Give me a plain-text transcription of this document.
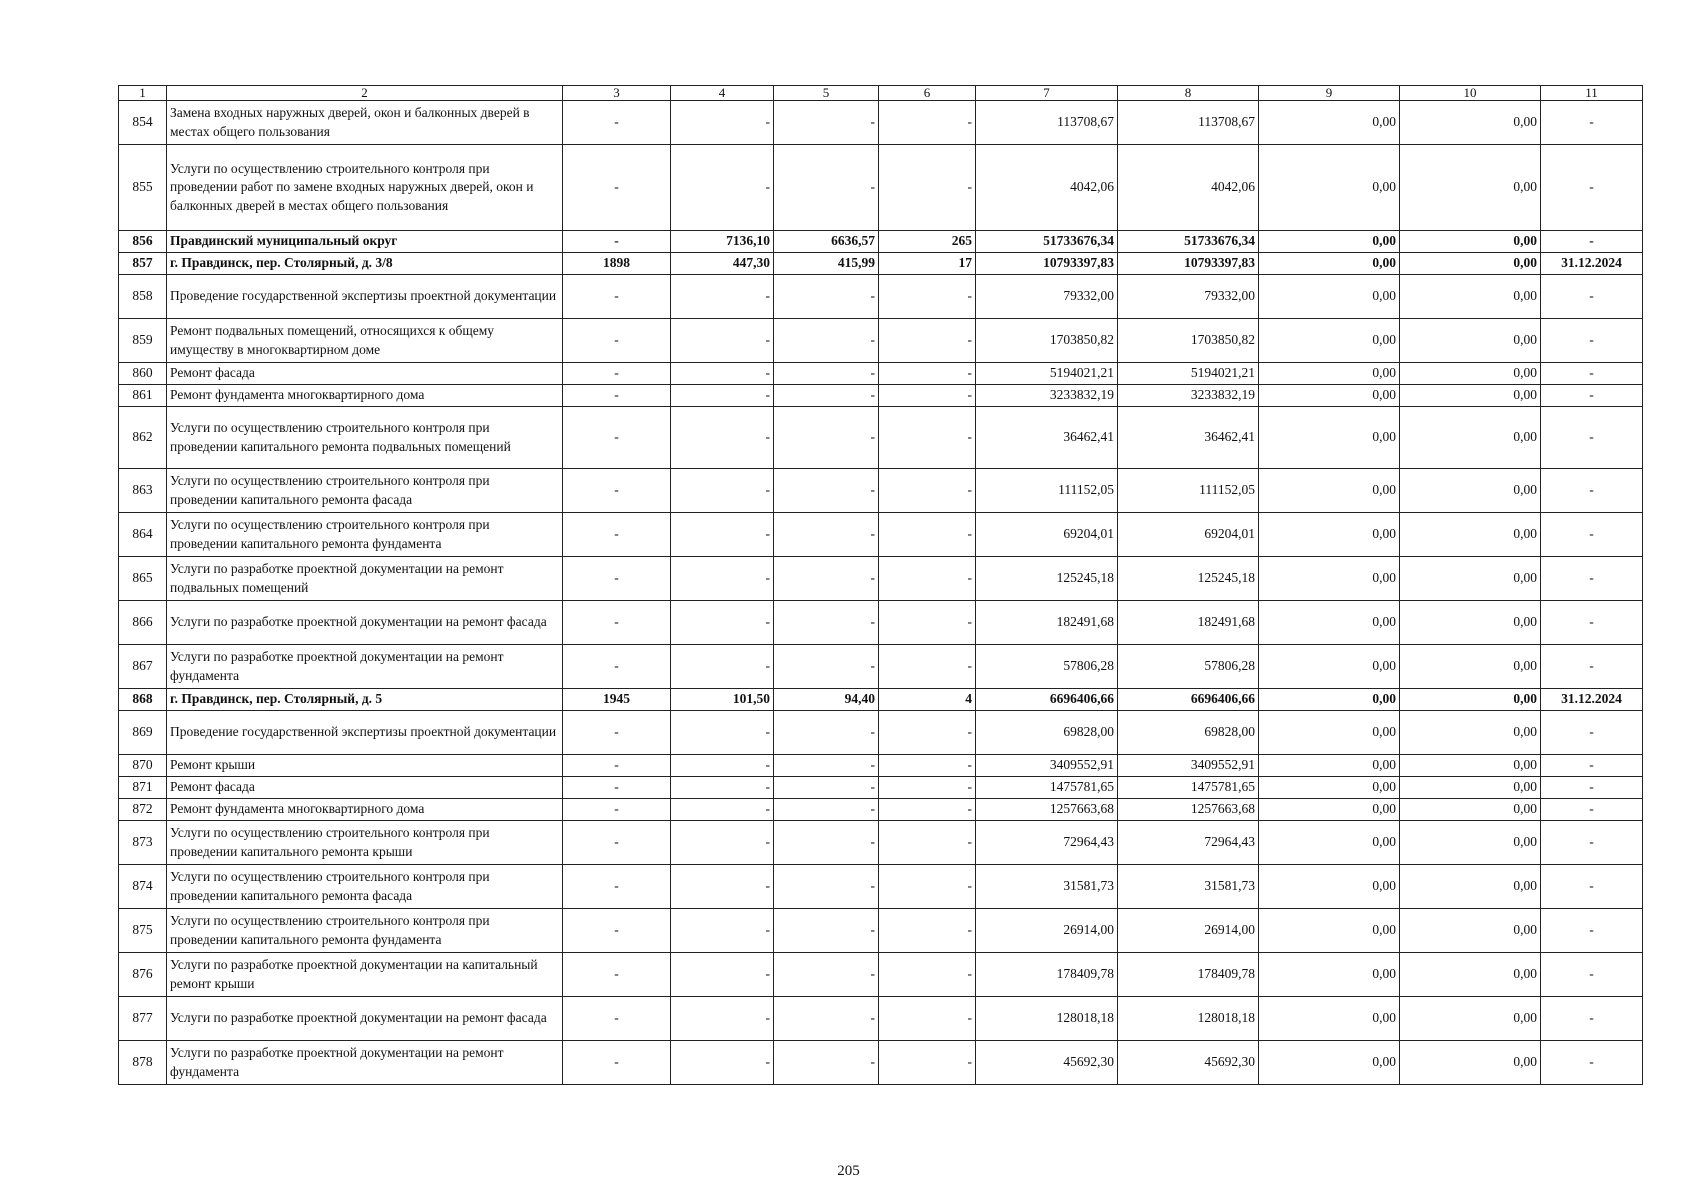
1	2	3	4	5	6	7	8	9	10	11
854	Замена входных наружных дверей, окон и балконных дверей в местах общего пользования	-	-	-	-	113708,67	113708,67	0,00	0,00	-
855	Услуги по осуществлению строительного контроля при проведении работ по замене входных наружных дверей, окон и балконных дверей в местах общего пользования	-	-	-	-	4042,06	4042,06	0,00	0,00	-
856	Правдинский муниципальный округ	-	7136,10	6636,57	265	51733676,34	51733676,34	0,00	0,00	-
857	г. Правдинск, пер. Столярный, д. 3/8	1898	447,30	415,99	17	10793397,83	10793397,83	0,00	0,00	31.12.2024
858	Проведение государственной экспертизы проектной документации	-	-	-	-	79332,00	79332,00	0,00	0,00	-
859	Ремонт подвальных помещений, относящихся к общему имуществу в многоквартирном доме	-	-	-	-	1703850,82	1703850,82	0,00	0,00	-
860	Ремонт фасада	-	-	-	-	5194021,21	5194021,21	0,00	0,00	-
861	Ремонт фундамента многоквартирного дома	-	-	-	-	3233832,19	3233832,19	0,00	0,00	-
862	Услуги по осуществлению строительного контроля при проведении капитального ремонта подвальных помещений	-	-	-	-	36462,41	36462,41	0,00	0,00	-
863	Услуги по осуществлению строительного контроля при проведении капитального ремонта фасада	-	-	-	-	111152,05	111152,05	0,00	0,00	-
864	Услуги по осуществлению строительного контроля при проведении капитального ремонта фундамента	-	-	-	-	69204,01	69204,01	0,00	0,00	-
865	Услуги по разработке проектной документации на ремонт подвальных помещений	-	-	-	-	125245,18	125245,18	0,00	0,00	-
866	Услуги по разработке проектной документации на ремонт фасада	-	-	-	-	182491,68	182491,68	0,00	0,00	-
867	Услуги по разработке проектной документации на ремонт фундамента	-	-	-	-	57806,28	57806,28	0,00	0,00	-
868	г. Правдинск, пер. Столярный, д. 5	1945	101,50	94,40	4	6696406,66	6696406,66	0,00	0,00	31.12.2024
869	Проведение государственной экспертизы проектной документации	-	-	-	-	69828,00	69828,00	0,00	0,00	-
870	Ремонт крыши	-	-	-	-	3409552,91	3409552,91	0,00	0,00	-
871	Ремонт фасада	-	-	-	-	1475781,65	1475781,65	0,00	0,00	-
872	Ремонт фундамента многоквартирного дома	-	-	-	-	1257663,68	1257663,68	0,00	0,00	-
873	Услуги по осуществлению строительного контроля при проведении капитального ремонта крыши	-	-	-	-	72964,43	72964,43	0,00	0,00	-
874	Услуги по осуществлению строительного контроля при проведении капитального ремонта фасада	-	-	-	-	31581,73	31581,73	0,00	0,00	-
875	Услуги по осуществлению строительного контроля при проведении капитального ремонта фундамента	-	-	-	-	26914,00	26914,00	0,00	0,00	-
876	Услуги по разработке проектной документации на капитальный ремонт крыши	-	-	-	-	178409,78	178409,78	0,00	0,00	-
877	Услуги по разработке проектной документации на ремонт фасада	-	-	-	-	128018,18	128018,18	0,00	0,00	-
878	Услуги по разработке проектной документации на ремонт фундамента	-	-	-	-	45692,30	45692,30	0,00	0,00	-
205
